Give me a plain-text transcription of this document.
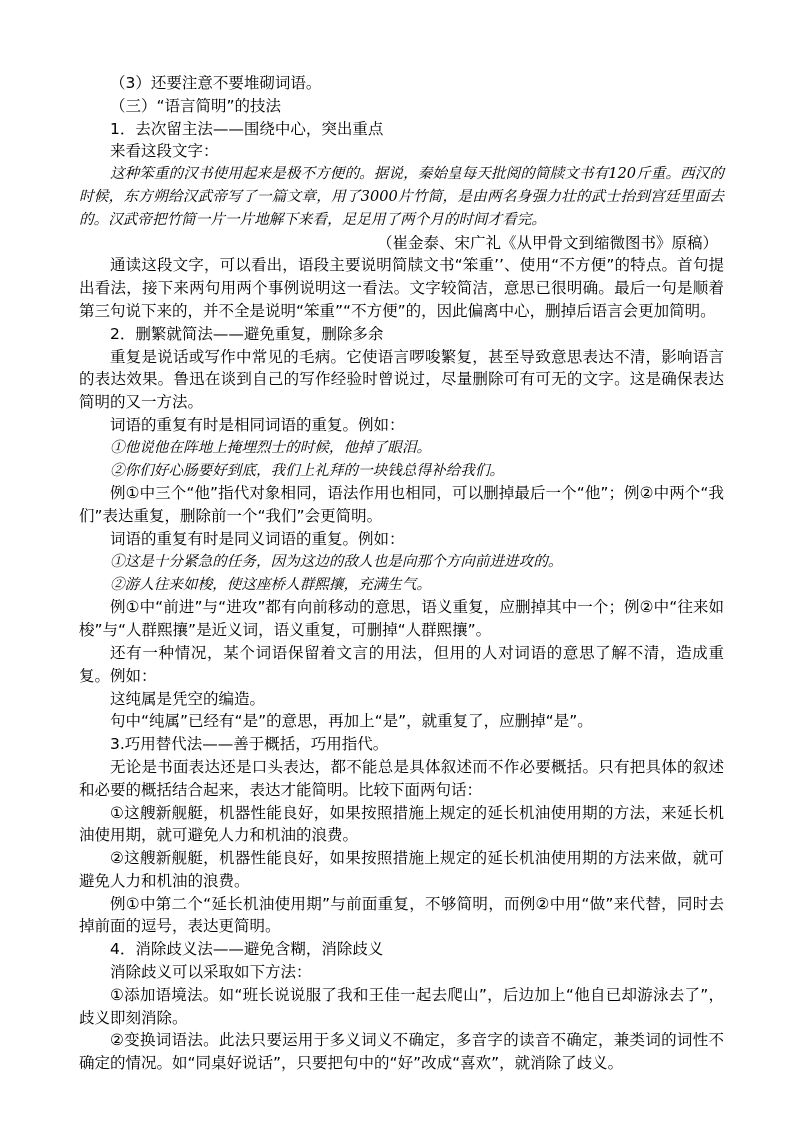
（3）还要注意不要堆砌词语。

（三）“语言简明”的技法

1．去次留主法——围绕中心，突出重点

来看这段文字：

这种笨重的汉书使用起来是极不方便的。据说，秦始皇每天批阅的简牍文书有120斤重。西汉的时候，东方朔给汉武帝写了一篇文章，用了3000片竹简，是由两名身强力壮的武士抬到宫廷里面去的。汉武帝把竹简一片一片地解下来看，足足用了两个月的时间才看完。

（崔金泰、宋广礼《从甲骨文到缩微图书》原稿）

通读这段文字，可以看出，语段主要说明简牍文书“笨重’’、使用“不方便”的特点。首句提出看法，接下来两句用两个事例说明这一看法。文字较简洁，意思已很明确。最后一句是顺着第三句说下来的，并不全是说明“笨重”“不方便”的，因此偏离中心，删掉后语言会更加简明。

2．删繁就简法——避免重复，删除多余

重复是说话或写作中常见的毛病。它使语言啰唆繁复，甚至导致意思表达不清，影响语言的表达效果。鲁迅在谈到自己的写作经验时曾说过，尽量删除可有可无的文字。这是确保表达简明的又一方法。

词语的重复有时是相同词语的重复。例如：

①他说他在阵地上掩埋烈士的时候，他掉了眼泪。

②你们好心肠要好到底，我们上礼拜的一块钱总得补给我们。

例①中三个“他”指代对象相同，语法作用也相同，可以删掉最后一个“他”；例②中两个“我们”表达重复，删除前一个“我们”会更简明。

词语的重复有时是同义词语的重复。例如：

①这是十分紧急的任务，因为这边的敌人也是向那个方向前进进攻的。

②游人往来如梭，使这座桥人群熙攘，充满生气。

例①中“前进”与“进攻”都有向前移动的意思，语义重复，应删掉其中一个；例②中“往来如梭”与“人群熙攘”是近义词，语义重复，可删掉“人群熙攘”。

还有一种情况，某个词语保留着文言的用法，但用的人对词语的意思了解不清，造成重复。例如：

这纯属是凭空的编造。

句中“纯属”已经有“是”的意思，再加上“是”，就重复了，应删掉“是”。

3.巧用替代法——善于概括，巧用指代。

无论是书面表达还是口头表达，都不能总是具体叙述而不作必要概括。只有把具体的叙述和必要的概括结合起来，表达才能简明。比较下面两句话：

①这艘新舰艇，机器性能良好，如果按照措施上规定的延长机油使用期的方法，来延长机油使用期，就可避免人力和机油的浪费。

②这艘新舰艇，机器性能良好，如果按照措施上规定的延长机油使用期的方法来做，就可避免人力和机油的浪费。

例①中第二个“延长机油使用期”与前面重复，不够简明，而例②中用“做”来代替，同时去掉前面的逗号，表达更简明。

4．消除歧义法——避免含糊，消除歧义

消除歧义可以采取如下方法：

①添加语境法。如“班长说说服了我和王佳一起去爬山”，后边加上“他自已却游泳去了”，歧义即刻消除。

②变换词语法。此法只要运用于多义词义不确定，多音字的读音不确定，兼类词的词性不确定的情况。如“同桌好说话”，只要把句中的“好”改成“喜欢”，就消除了歧义。
